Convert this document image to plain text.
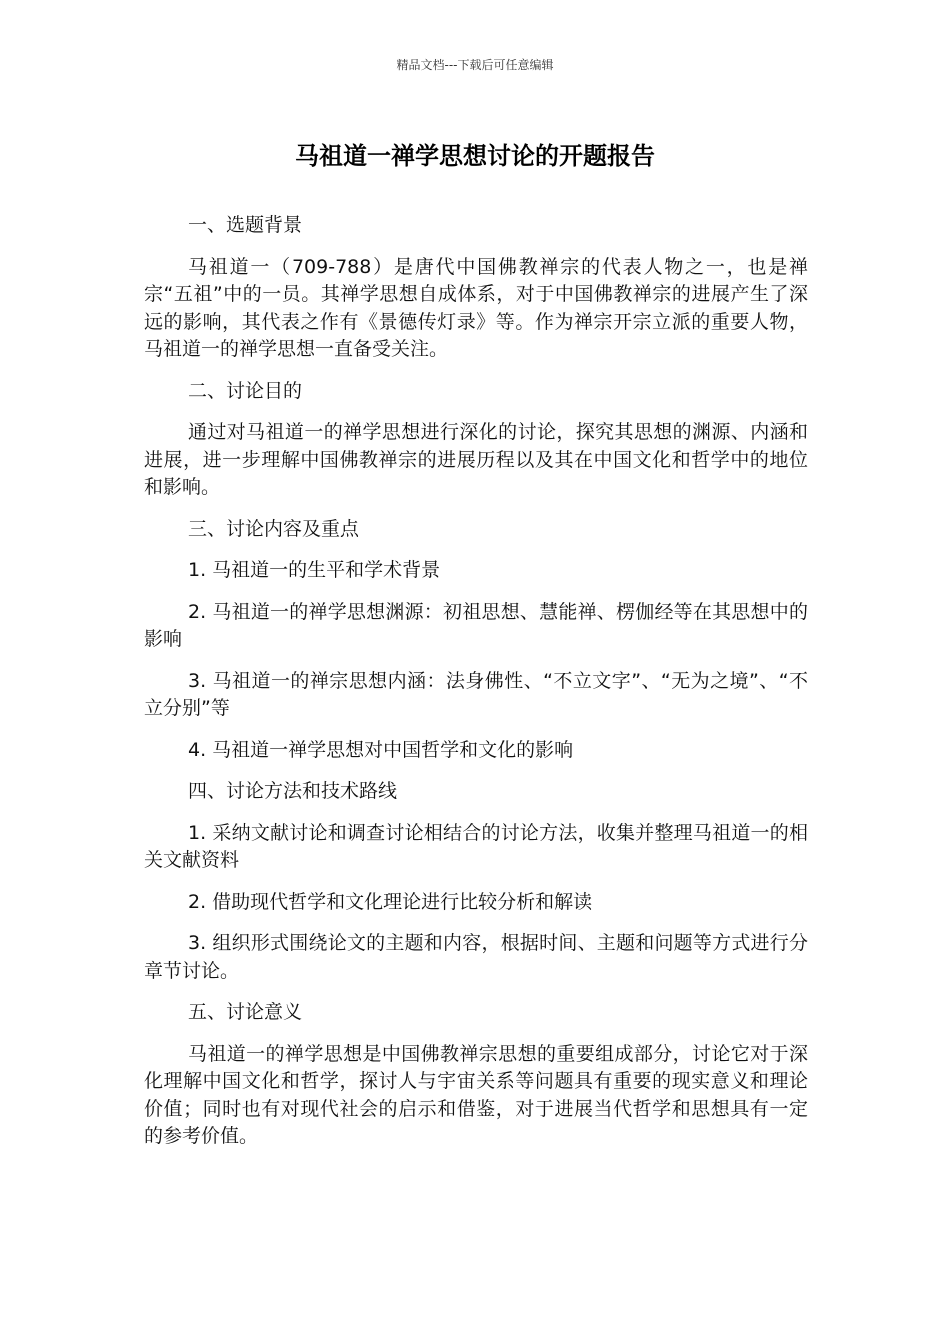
精品文档---下载后可任意编辑
马祖道一禅学思想讨论的开题报告

一、选题背景

马祖道一（709-788）是唐代中国佛教禅宗的代表人物之一，也是禅宗“五祖”中的一员。其禅学思想自成体系，对于中国佛教禅宗的进展产生了深远的影响，其代表之作有《景德传灯录》等。作为禅宗开宗立派的重要人物，马祖道一的禅学思想一直备受关注。

二、讨论目的

通过对马祖道一的禅学思想进行深化的讨论，探究其思想的渊源、内涵和进展，进一步理解中国佛教禅宗的进展历程以及其在中国文化和哲学中的地位和影响。

三、讨论内容及重点

1. 马祖道一的生平和学术背景

2. 马祖道一的禅学思想渊源：初祖思想、慧能禅、楞伽经等在其思想中的影响

3. 马祖道一的禅宗思想内涵：法身佛性、“不立文字”、“无为之境”、“不立分别”等

4. 马祖道一禅学思想对中国哲学和文化的影响

四、讨论方法和技术路线

1. 采纳文献讨论和调查讨论相结合的讨论方法，收集并整理马祖道一的相关文献资料

2. 借助现代哲学和文化理论进行比较分析和解读

3. 组织形式围绕论文的主题和内容，根据时间、主题和问题等方式进行分章节讨论。

五、讨论意义

马祖道一的禅学思想是中国佛教禅宗思想的重要组成部分，讨论它对于深化理解中国文化和哲学，探讨人与宇宙关系等问题具有重要的现实意义和理论价值；同时也有对现代社会的启示和借鉴，对于进展当代哲学和思想具有一定的参考价值。
